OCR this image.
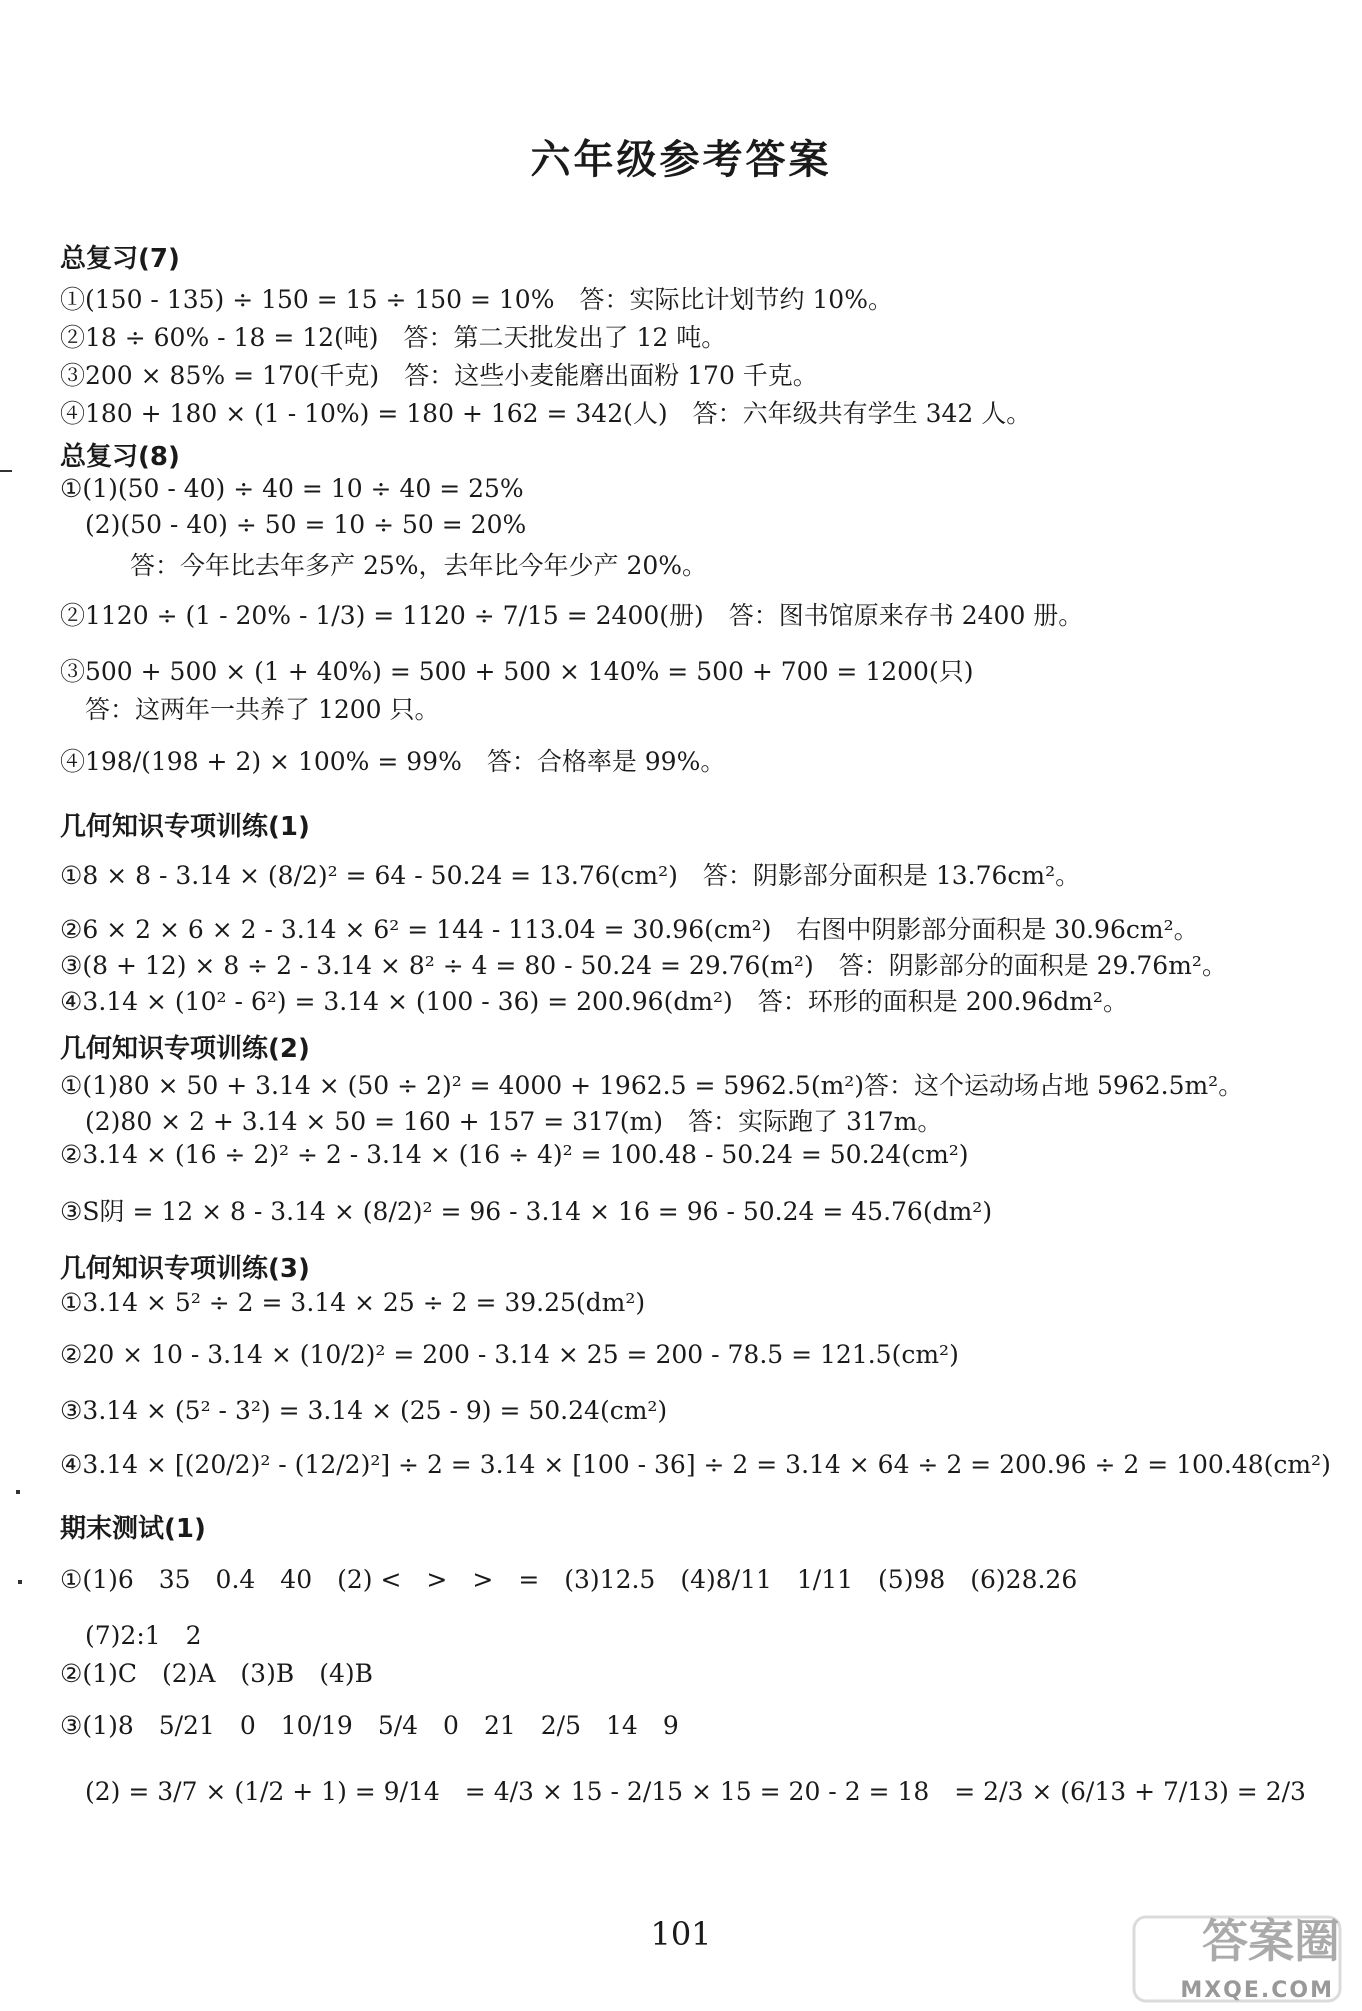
六年级参考答案
总复习(7)
①(150 - 135) ÷ 150 = 15 ÷ 150 = 10%　答：实际比计划节约 10%。
②18 ÷ 60% - 18 = 12(吨)　答：第二天批发出了 12 吨。
③200 × 85% = 170(千克)　答：这些小麦能磨出面粉 170 千克。
④180 + 180 × (1 - 10%) = 180 + 162 = 342(人)　答：六年级共有学生 342 人。
总复习(8)
①(1)(50 - 40) ÷ 40 = 10 ÷ 40 = 25%
(2)(50 - 40) ÷ 50 = 10 ÷ 50 = 20%
答：今年比去年多产 25%，去年比今年少产 20%。
②1120 ÷ (1 - 20% - 1/3) = 1120 ÷ 7/15 = 2400(册)　答：图书馆原来存书 2400 册。
③500 + 500 × (1 + 40%) = 500 + 500 × 140% = 500 + 700 = 1200(只)
答：这两年一共养了 1200 只。
④198/(198 + 2) × 100% = 99%　答：合格率是 99%。
几何知识专项训练(1)
①8 × 8 - 3.14 × (8/2)² = 64 - 50.24 = 13.76(cm²)　答：阴影部分面积是 13.76cm²。
②6 × 2 × 6 × 2 - 3.14 × 6² = 144 - 113.04 = 30.96(cm²)　右图中阴影部分面积是 30.96cm²。
③(8 + 12) × 8 ÷ 2 - 3.14 × 8² ÷ 4 = 80 - 50.24 = 29.76(m²)　答：阴影部分的面积是 29.76m²。
④3.14 × (10² - 6²) = 3.14 × (100 - 36) = 200.96(dm²)　答：环形的面积是 200.96dm²。
几何知识专项训练(2)
①(1)80 × 50 + 3.14 × (50 ÷ 2)² = 4000 + 1962.5 = 5962.5(m²)答：这个运动场占地 5962.5m²。
(2)80 × 2 + 3.14 × 50 = 160 + 157 = 317(m)　答：实际跑了 317m。
②3.14 × (16 ÷ 2)² ÷ 2 - 3.14 × (16 ÷ 4)² = 100.48 - 50.24 = 50.24(cm²)
③S阴 = 12 × 8 - 3.14 × (8/2)² = 96 - 3.14 × 16 = 96 - 50.24 = 45.76(dm²)
几何知识专项训练(3)
①3.14 × 5² ÷ 2 = 3.14 × 25 ÷ 2 = 39.25(dm²)
②20 × 10 - 3.14 × (10/2)² = 200 - 3.14 × 25 = 200 - 78.5 = 121.5(cm²)
③3.14 × (5² - 3²) = 3.14 × (25 - 9) = 50.24(cm²)
④3.14 × [(20/2)² - (12/2)²] ÷ 2 = 3.14 × [100 - 36] ÷ 2 = 3.14 × 64 ÷ 2 = 200.96 ÷ 2 = 100.48(cm²)
期末测试(1)
①(1)6　35　0.4　40　(2) <　>　>　=　(3)12.5　(4)8/11　1/11　(5)98　(6)28.26
(7)2:1　2
②(1)C　(2)A　(3)B　(4)B
③(1)8　5/21　0　10/19　5/4　0　21　2/5　14　9
(2) = 3/7 × (1/2 + 1) = 9/14　= 4/3 × 15 - 2/15 × 15 = 20 - 2 = 18　= 2/3 × (6/13 + 7/13) = 2/3
101	答案圈
MXQE.COM
